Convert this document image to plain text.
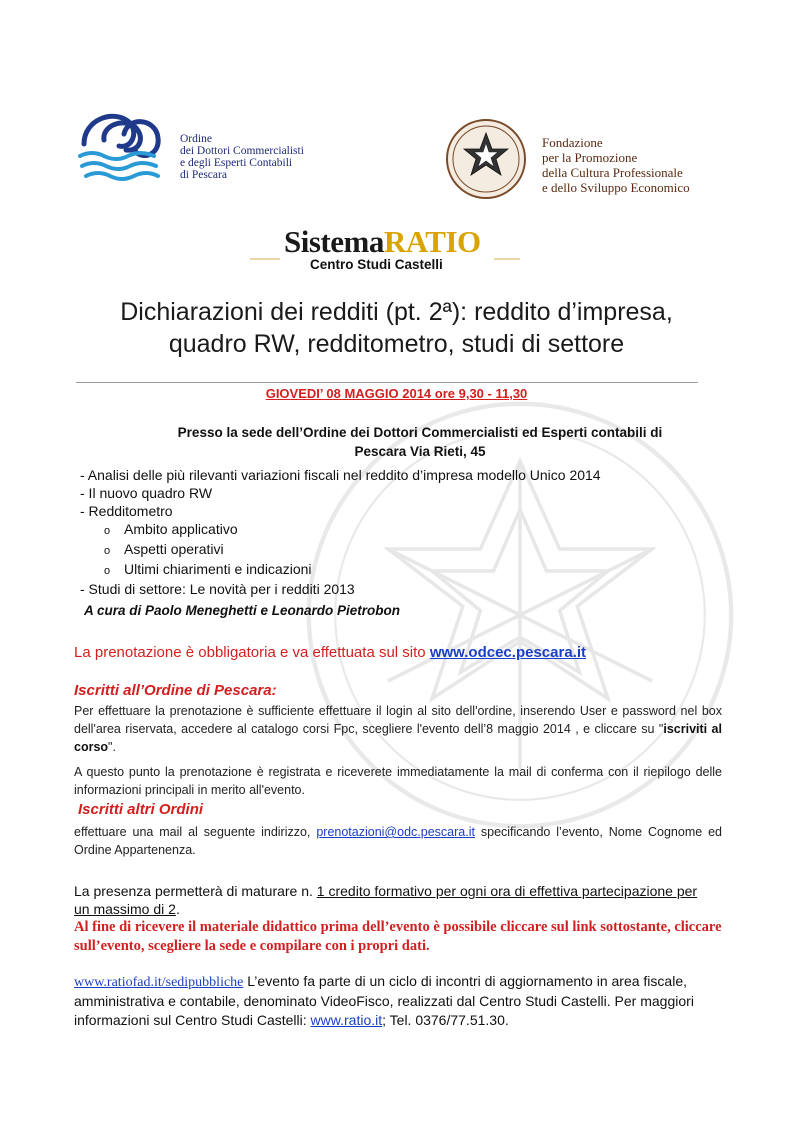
Ordine
dei Dottori Commercialisti
e degli Esperti Contabili
di Pescara
Fondazione
per la Promozione
della Cultura Professionale
e dello Sviluppo Economico
SistemaRATIO
Centro Studi Castelli
Dichiarazioni dei redditi (pt. 2ª): reddito d’impresa,
quadro RW, redditometro, studi di settore
GIOVEDI’ 08 MAGGIO 2014 ore 9,30 - 11,30
Presso la sede dell’Ordine dei Dottori Commercialisti ed Esperti contabili di
Pescara Via Rieti, 45
- Analisi delle più rilevanti variazioni fiscali nel reddito d’impresa modello Unico 2014
- Il nuovo quadro RW
- Redditometro
o Ambito applicativo
o Aspetti operativi
o Ultimi chiarimenti e indicazioni
- Studi di settore: Le novità per i redditi 2013
A cura di Paolo Meneghetti e Leonardo Pietrobon
La prenotazione è obbligatoria e va effettuata sul sito www.odcec.pescara.it
Iscritti all’Ordine di Pescara:

Per effettuare la prenotazione è sufficiente effettuare il login al sito dell'ordine, inserendo User e password nel box dell'area riservata, accedere al catalogo corsi Fpc, scegliere l'evento dell’8 maggio 2014 , e cliccare su "iscriviti al corso".

A questo punto la prenotazione è registrata e riceverete immediatamente la mail di conferma con il riepilogo delle informazioni principali in merito all'evento.

Iscritti altri Ordini

effettuare una mail al seguente indirizzo, prenotazioni@odc.pescara.it specificando l’evento, Nome Cognome ed Ordine Appartenenza.

La presenza permetterà di maturare n. 1 credito formativo per ogni ora di effettiva partecipazione per un massimo di 2.
Al fine di ricevere il materiale didattico prima dell’evento è possibile cliccare sul link sottostante, cliccare sull’evento, scegliere la sede e compilare con i propri dati.
www.ratiofad.it/sedipubbliche L’evento fa parte di un ciclo di incontri di aggiornamento in area fiscale, amministrativa e contabile, denominato VideoFisco, realizzati dal Centro Studi Castelli. Per maggiori informazioni sul Centro Studi Castelli: www.ratio.it; Tel. 0376/77.51.30.
